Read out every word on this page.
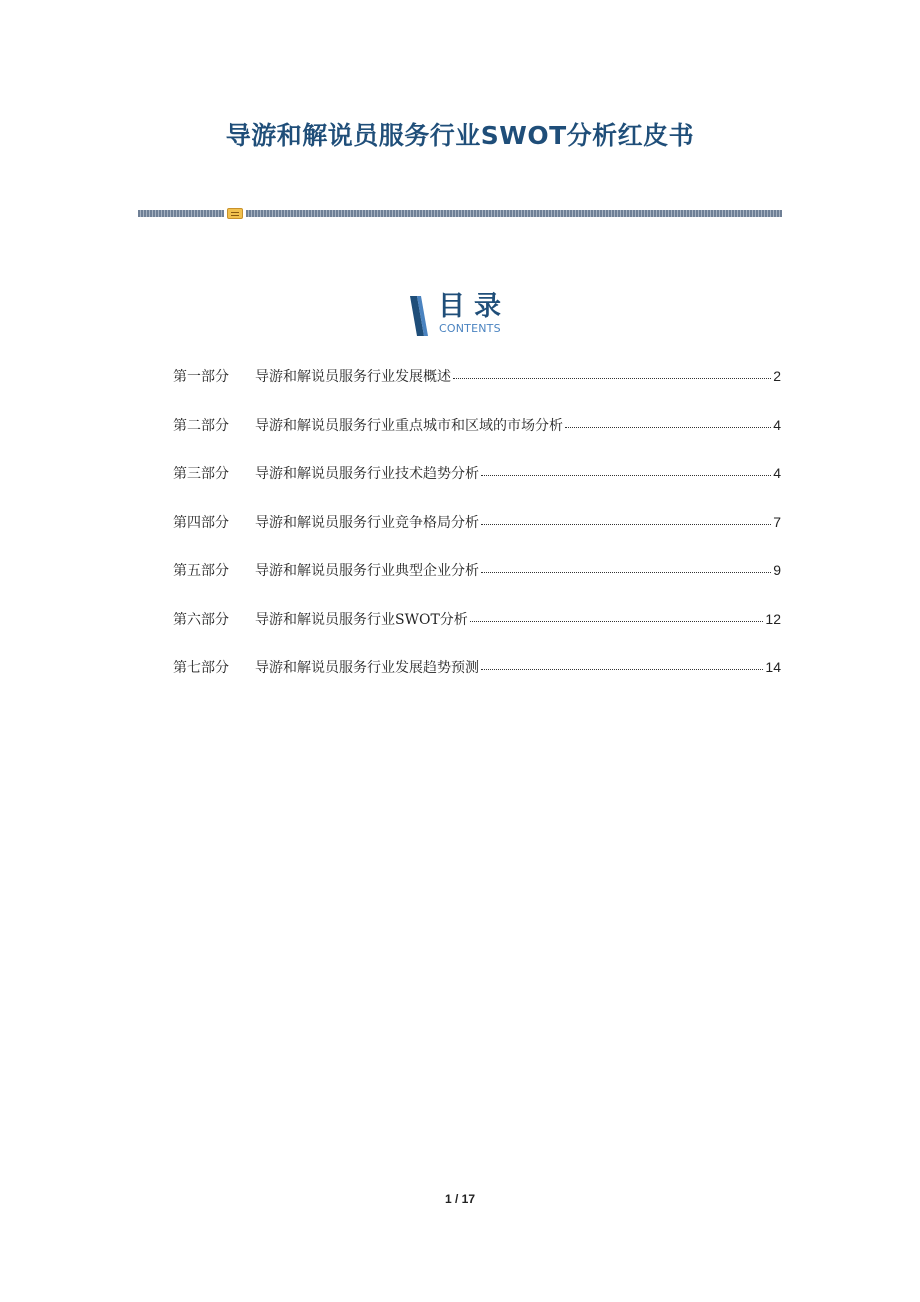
导游和解说员服务行业SWOT分析红皮书
目录
CONTENTS
第一部分	导游和解说员服务行业发展概述	2
第二部分	导游和解说员服务行业重点城市和区域的市场分析	4
第三部分	导游和解说员服务行业技术趋势分析	4
第四部分	导游和解说员服务行业竞争格局分析	7
第五部分	导游和解说员服务行业典型企业分析	9
第六部分	导游和解说员服务行业SWOT分析	12
第七部分	导游和解说员服务行业发展趋势预测	14
1 / 17
